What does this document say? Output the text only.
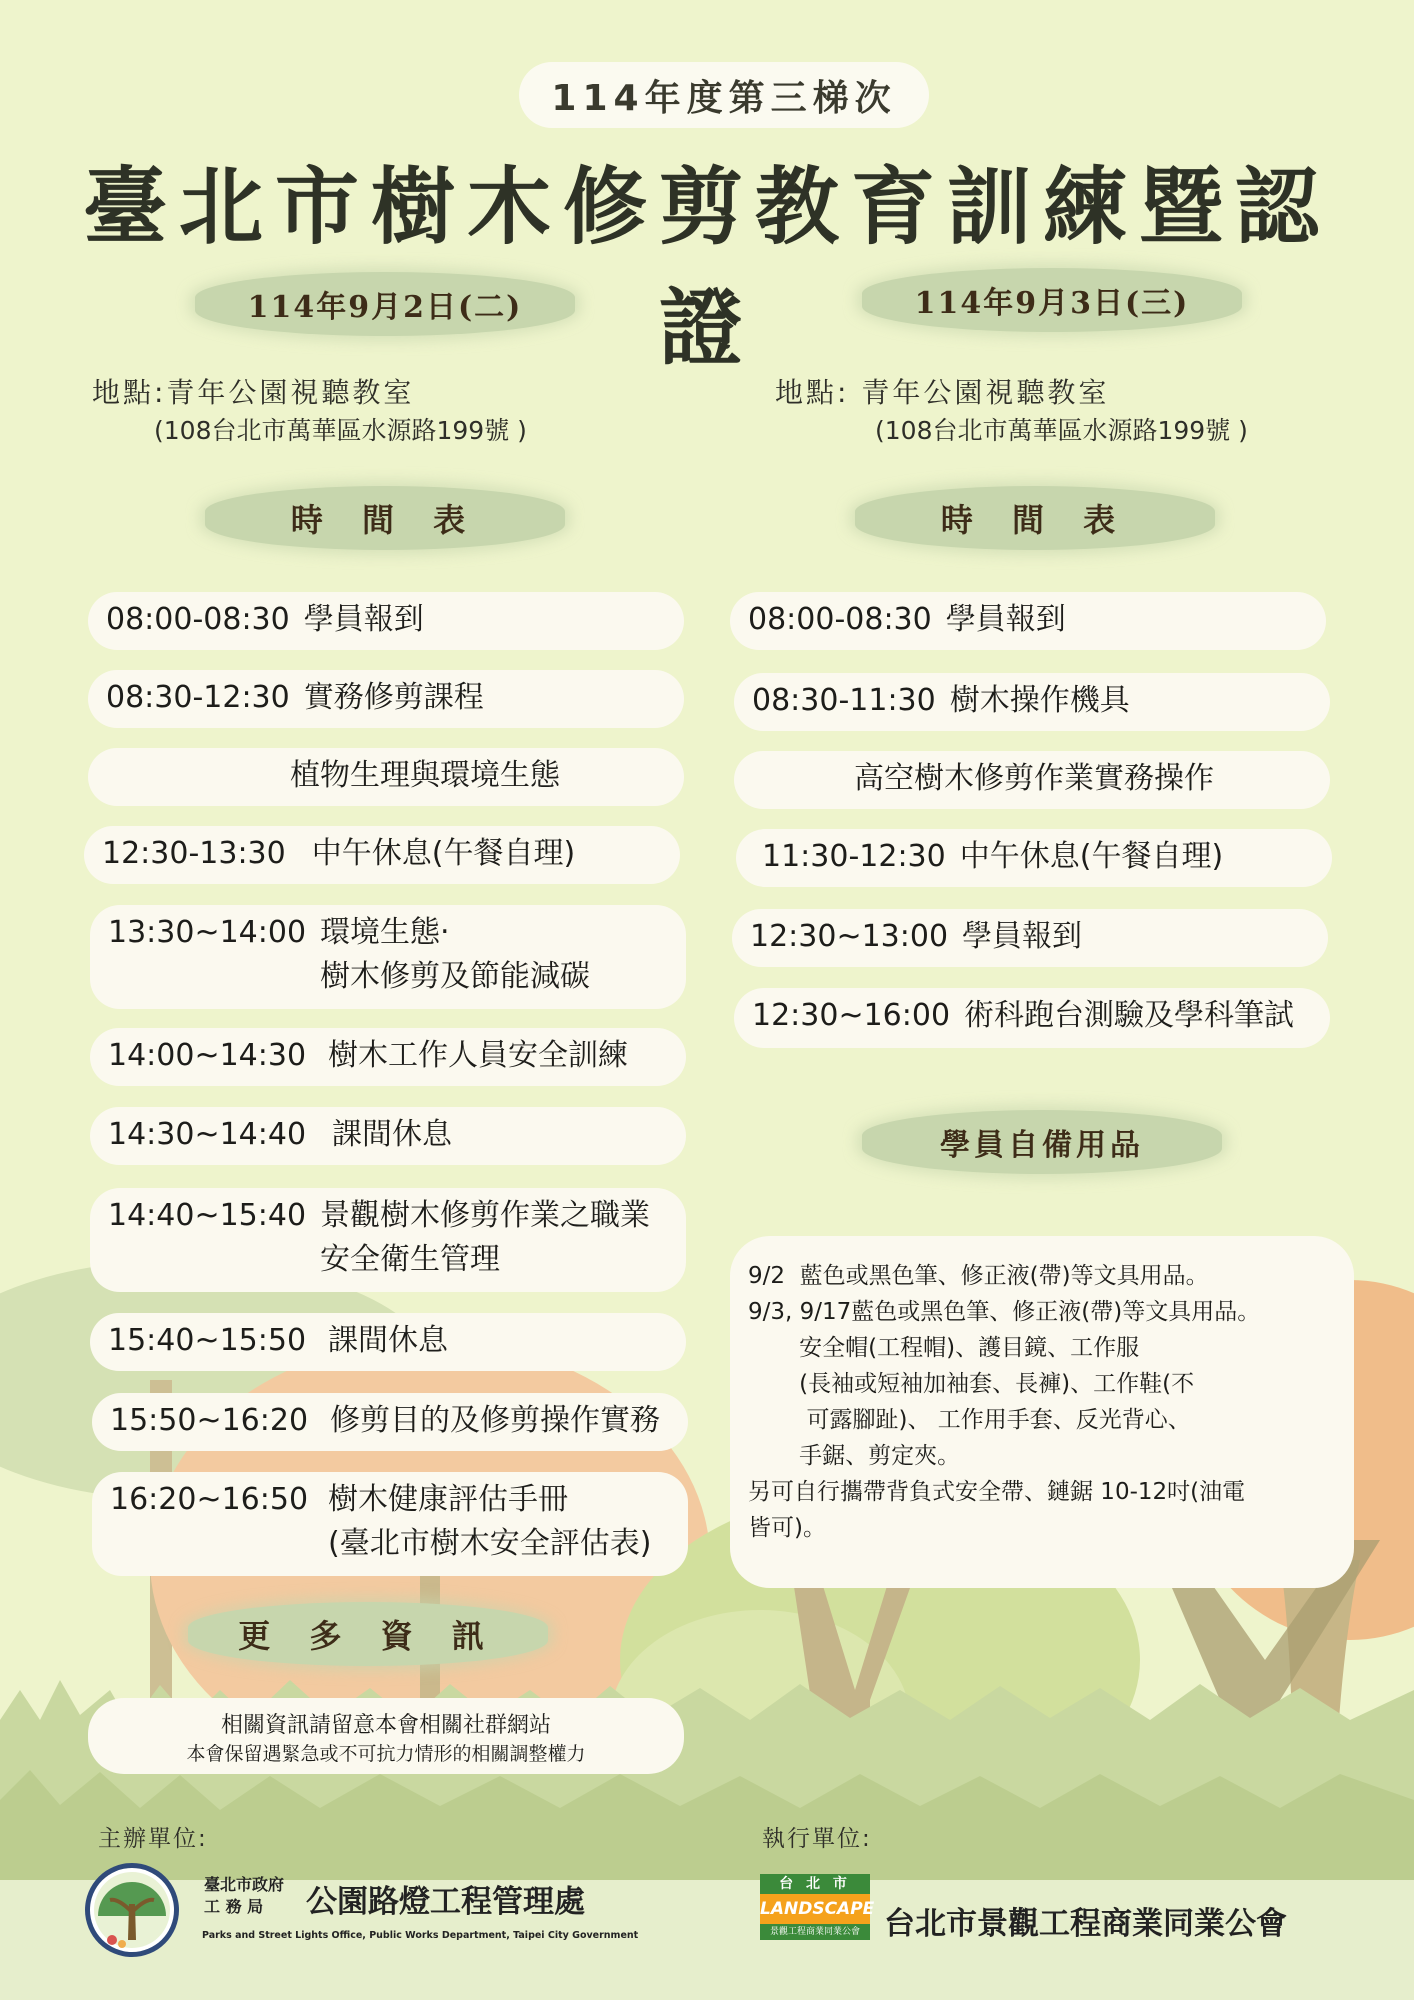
114年度第三梯次
臺北市樹木修剪教育訓練暨認證
114年9月2日(二)
地點:青年公園視聽教室
(108台北市萬華區水源路199號 )
時 間 表
08:00-08:30 學員報到
08:30-12:30 實務修剪課程
植物生理與環境生態
12:30-13:30 中午休息(午餐自理)
13:30~14:00 環境生態‧
樹木修剪及節能減碳
14:00~14:30 樹木工作人員安全訓練
14:30~14:40 課間休息
14:40~15:40 景觀樹木修剪作業之職業
安全衛生管理
15:40~15:50 課間休息
15:50~16:20 修剪目的及修剪操作實務
16:20~16:50 樹木健康評估手冊
(臺北市樹木安全評估表)
更 多 資 訊
相關資訊請留意本會相關社群網站
本會保留遇緊急或不可抗力情形的相關調整權力
114年9月3日(三)
地點: 青年公園視聽教室
(108台北市萬華區水源路199號 )
時 間 表
08:00-08:30 學員報到
08:30-11:30 樹木操作機具
高空樹木修剪作業實務操作
11:30-12:30 中午休息(午餐自理)
12:30~13:00 學員報到
12:30~16:00 術科跑台測驗及學科筆試
學員自備用品
9/2  藍色或黑色筆、修正液(帶)等文具用品。
9/3, 9/17藍色或黑色筆、修正液(帶)等文具用品。
安全帽(工程帽)、護目鏡、工作服
(長袖或短袖加袖套、長褲)、工作鞋(不
可露腳趾)、 工作用手套、反光背心、
手鋸、剪定夾。
另可自行攜帶背負式安全帶、鏈鋸 10-12吋(油電
皆可)。
主辦單位:
臺北市政府
工 務 局	公園路燈工程管理處
Parks and Street Lights Office, Public Works Department, Taipei City Government
執行單位:
台 北 市
LANDSCAPE
景觀工程商業同業公會 台北市景觀工程商業同業公會
